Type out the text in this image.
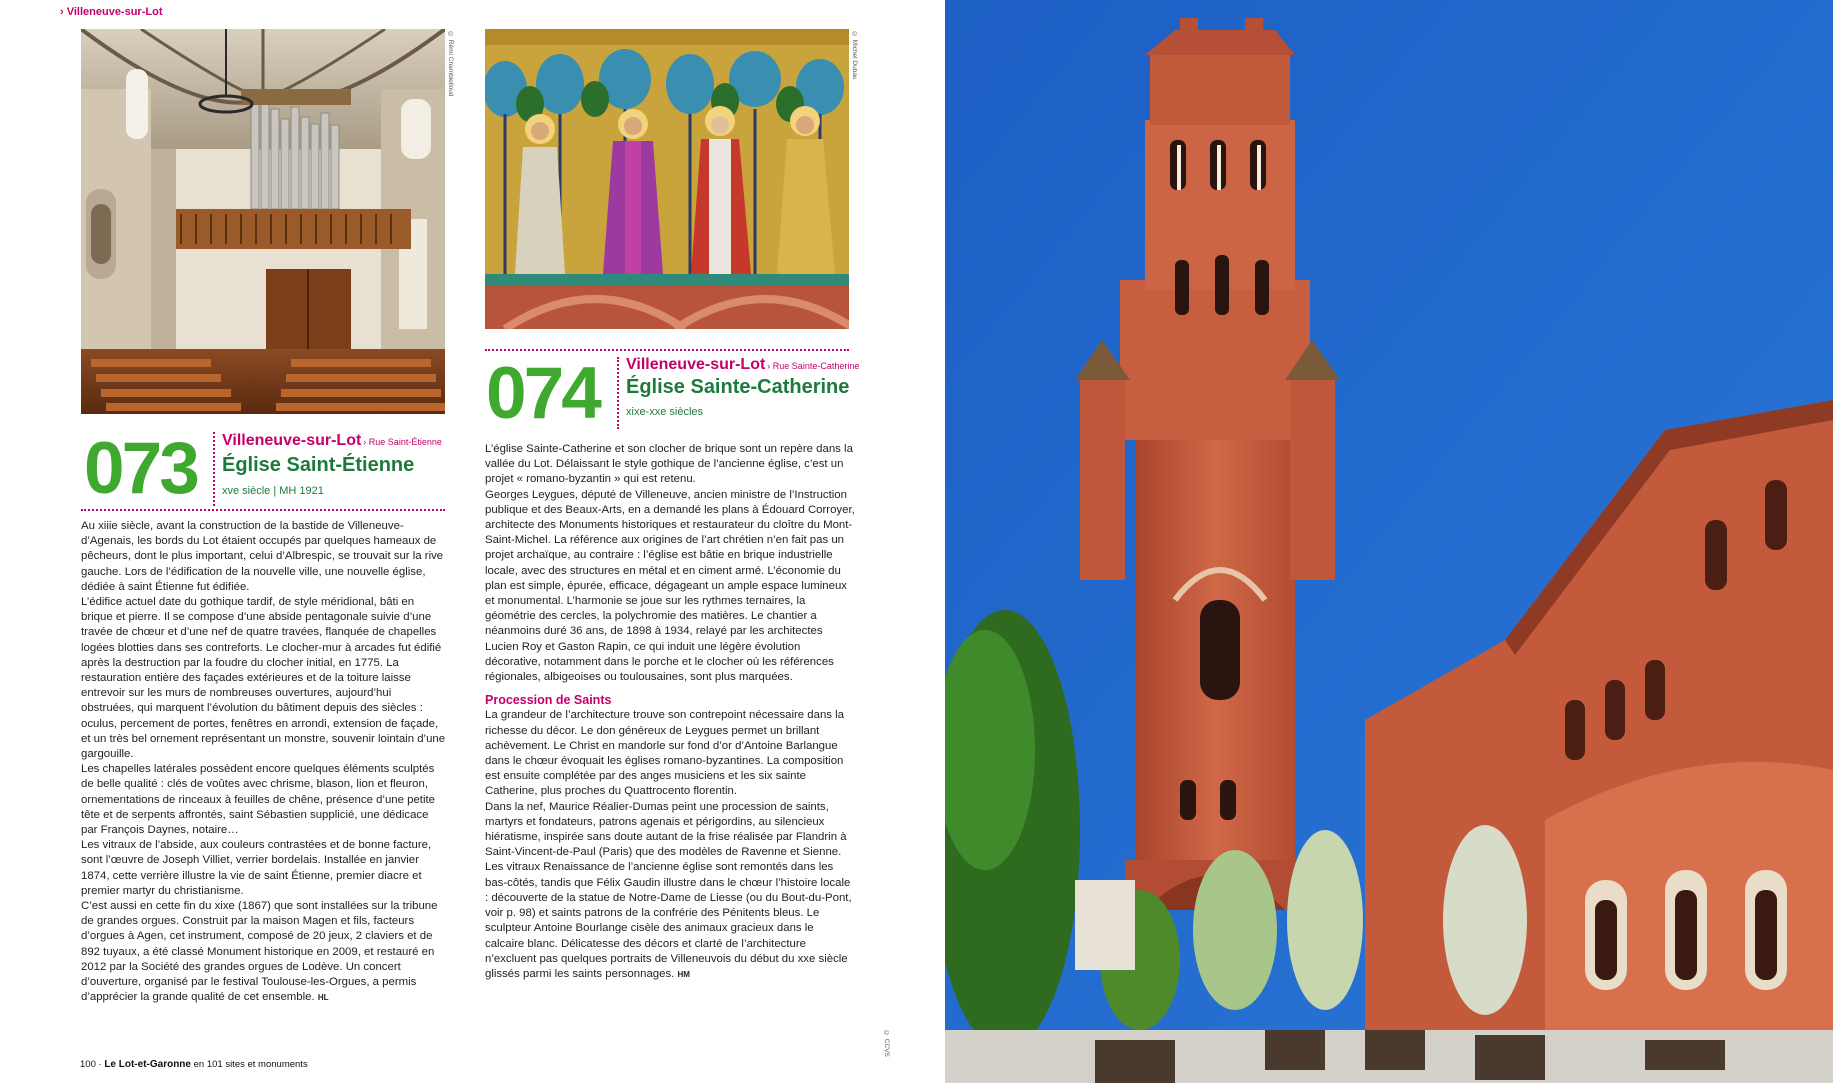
› Villeneuve-sur-Lot
© Rémi Chamblelloud	© Michel Dubau
073 Villeneuve-sur-Lot › Rue Saint-Étienne
Église Saint-Étienne
xve siècle | MH 1921

Au xiiie siècle, avant la construction de la bastide de Villeneuve-d’Agenais, les bords du Lot étaient occupés par quelques hameaux de pêcheurs, dont le plus important, celui d’Albrespic, se trouvait sur la rive gauche. Lors de l’édification de la nouvelle ville, une nouvelle église, dédiée à saint Étienne fut édifiée.

L’édifice actuel date du gothique tardif, de style méridional, bâti en brique et pierre. Il se compose d’une abside pentagonale suivie d’une travée de chœur et d’une nef de quatre travées, flanquée de chapelles logées blotties dans ses contreforts. Le clocher-mur à arcades fut édifié après la destruction par la foudre du clocher initial, en 1775. La restauration entière des façades extérieures et de la toiture laisse entrevoir sur les murs de nombreuses ouvertures, aujourd’hui obstruées, qui marquent l’évolution du bâtiment depuis des siècles : oculus, percement de portes, fenêtres en arrondi, extension de façade, et un très bel ornement représentant un monstre, souvenir lointain d’une gargouille.

Les chapelles latérales possèdent encore quelques éléments sculptés de belle qualité : clés de voûtes avec chrisme, blason, lion et fleuron, ornementations de rinceaux à feuilles de chêne, présence d’une petite tête et de serpents affrontés, saint Sébastien supplicié, une dédicace par François Daynes, notaire…

Les vitraux de l’abside, aux couleurs contrastées et de bonne facture, sont l’œuvre de Joseph Villiet, verrier bordelais. Installée en janvier 1874, cette verrière illustre la vie de saint Étienne, premier diacre et premier martyr du christianisme.

C’est aussi en cette fin du xixe (1867) que sont installées sur la tribune de grandes orgues. Construit par la maison Magen et fils, facteurs d’orgues à Agen, cet instrument, composé de 20 jeux, 2 claviers et de 892 tuyaux, a été classé Monument historique en 2009, et restauré en 2012 par la Société des grandes orgues de Lodève. Un concert d’ouverture, organisé par le festival Toulouse-les-Orgues, a permis d’apprécier la grande qualité de cet ensemble. HL

074 Villeneuve-sur-Lot › Rue Sainte-Catherine
Église Sainte-Catherine
xixe-xxe siècles

L’église Sainte-Catherine et son clocher de brique sont un repère dans la vallée du Lot. Délaissant le style gothique de l’ancienne église, c’est un projet « romano-byzantin » qui est retenu.

Georges Leygues, député de Villeneuve, ancien ministre de l’Instruction publique et des Beaux-Arts, en a demandé les plans à Édouard Corroyer, architecte des Monuments historiques et restaurateur du cloître du Mont-Saint-Michel. La référence aux origines de l’art chrétien n’en fait pas un projet archaïque, au contraire : l’église est bâtie en brique industrielle locale, avec des structures en métal et en ciment armé. L’économie du plan est simple, épurée, efficace, dégageant un ample espace lumineux et monumental. L’harmonie se joue sur les rythmes ternaires, la géométrie des cercles, la polychromie des matières. Le chantier a néanmoins duré 36 ans, de 1898 à 1934, relayé par les architectes Lucien Roy et Gaston Rapin, ce qui induit une légère évolution décorative, notamment dans le porche et le clocher où les références régionales, albigeoises ou toulousaines, sont plus marquées.

Procession de Saints

La grandeur de l’architecture trouve son contrepoint nécessaire dans la richesse du décor. Le don généreux de Leygues permet un brillant achèvement. Le Christ en mandorle sur fond d’or d’Antoine Barlangue dans le chœur évoquait les églises romano-byzantines. La composition est ensuite complétée par des anges musiciens et les six sainte Catherine, plus proches du Quattrocento florentin.

Dans la nef, Maurice Réalier-Dumas peint une procession de saints, martyrs et fondateurs, patrons agenais et périgordins, au silencieux hiératisme, inspirée sans doute autant de la frise réalisée par Flandrin à Saint-Vincent-de-Paul (Paris) que des modèles de Ravenne et Sienne. Les vitraux Renaissance de l’ancienne église sont remontés dans les bas-côtés, tandis que Félix Gaudin illustre dans le chœur l’histoire locale : découverte de la statue de Notre-Dame de Liesse (ou du Bout-du-Pont, voir p. 98) et saints patrons de la confrérie des Pénitents bleus. Le sculpteur Antoine Bourlange cisèle des animaux gracieux dans le calcaire blanc. Délicatesse des décors et clarté de l’architecture n’excluent pas quelques portraits de Villeneuvois du début du xxe siècle glissés parmi les saints personnages. HM

100 · Le Lot-et-Garonne en 101 sites et monuments
© CCVS
